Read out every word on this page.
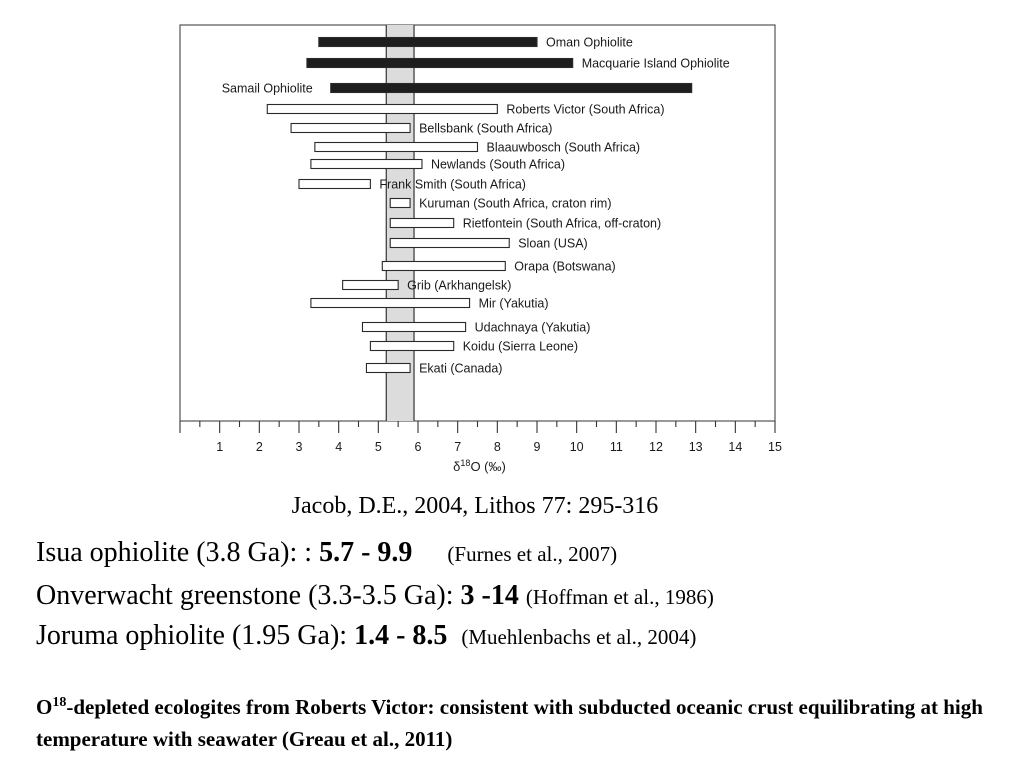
Oman Ophiolite
Macquarie Island Ophiolite
Samail Ophiolite
Roberts Victor (South Africa)
Bellsbank (South Africa)
Blaauwbosch (South Africa)
Newlands (South Africa)
Frank Smith (South Africa)
Kuruman (South Africa, craton rim)
Rietfontein (South Africa, off-craton)
Sloan (USA)
Orapa (Botswana)
Grib (Arkhangelsk)
Mir (Yakutia)
Udachnaya (Yakutia)
Koidu (Sierra Leone)
Ekati (Canada)
1	2	3	4	5	6	7	8	9 10 11 12 13 14 15
$\delta^{18}O$ (‰)
Jacob, D.E., 2004, Lithos 77: 295-316
Isua ophiolite (3.8 Ga): : 5.7 - 9.9 (Furnes et al., 2007)
Onverwacht greenstone (3.3-3.5 Ga): 3 -14 (Hoffman et al., 1986)
Joruma ophiolite (1.95 Ga): 1.4 - 8.5 (Muehlenbachs et al., 2004)
$O^{18}$-depleted ecologites from Roberts Victor: consistent with subducted oceanic crust equilibrating at high temperature with seawater (Greau et al., 2011)
